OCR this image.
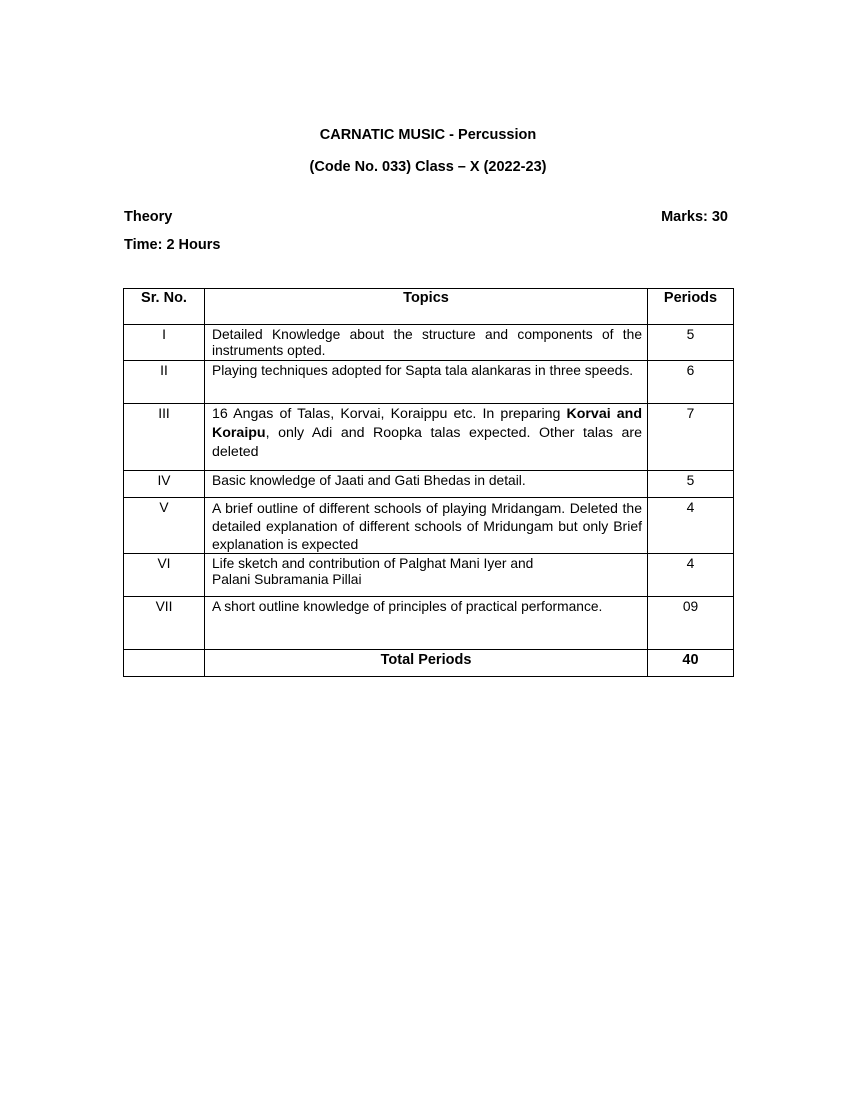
CARNATIC MUSIC - Percussion
(Code No. 033) Class – X (2022-23)
Theory	Marks: 30
Time: 2 Hours
Sr. No.	Topics	Periods
I	Detailed Knowledge about the structure and components of the instruments opted.	5
II	Playing techniques adopted for Sapta tala alankaras in three speeds.	6
III	16 Angas of Talas, Korvai, Koraippu etc. In preparing Korvai and Koraipu, only Adi and Roopka talas expected. Other talas are deleted	7
IV	Basic knowledge of Jaati and Gati Bhedas in detail.	5
V	A brief outline of different schools of playing Mridangam. Deleted the detailed explanation of different schools of Mridungam but only Brief explanation is expected	4
VI	Life sketch and contribution of Palghat Mani Iyer and
Palani Subramania Pillai	4
VII	A short outline knowledge of principles of practical performance.	09
	Total Periods	40
